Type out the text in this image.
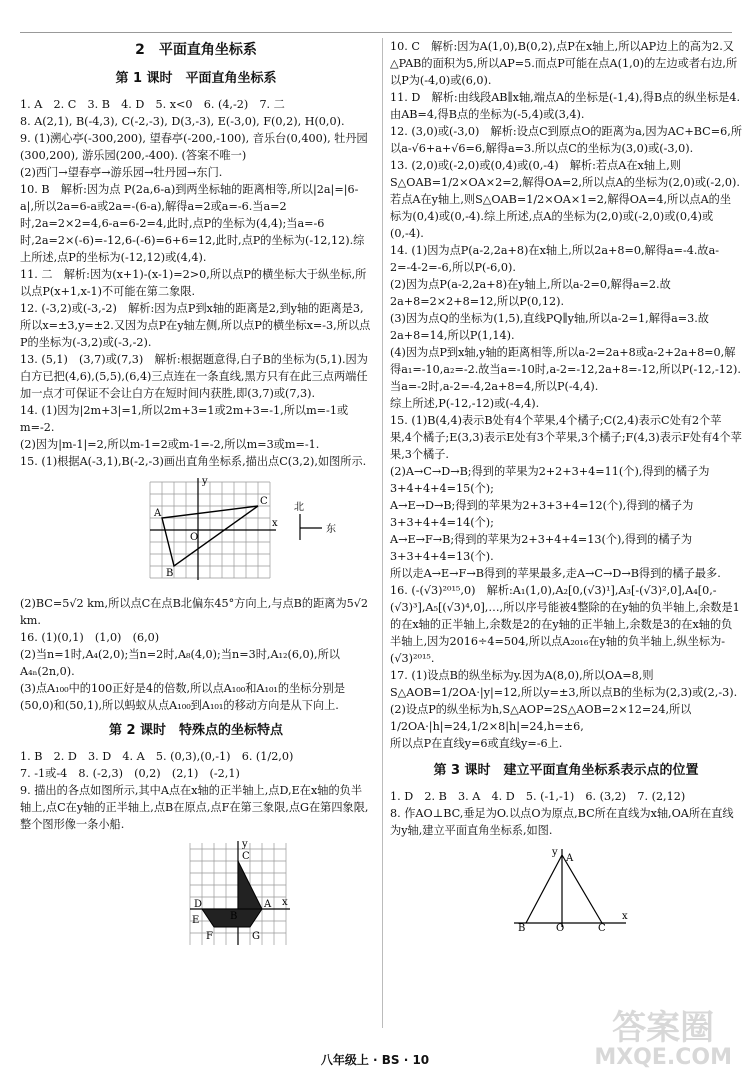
2　平面直角坐标系
第 1 课时　平面直角坐标系

1. A　2. C　3. B　4. D　5. x<0　6. (4,-2)　7. 二

8. A(2,1), B(-4,3), C(-2,-3), D(3,-3), E(-3,0), F(0,2), H(0,0).

9. (1)溯心亭(-300,200), 望春亭(-200,-100), 音乐台(0,400), 牡丹园(300,200), 游乐园(200,-400). (答案不唯一)

(2)西门→望春亭→游乐园→牡丹园→东门.

10. B　解析:因为点 P(2a,6-a)到两坐标轴的距离相等,所以|2a|=|6-a|,所以2a=6-a或2a=-(6-a),解得a=2或a=-6.当a=2时,2a=2×2=4,6-a=6-2=4,此时,点P的坐标为(4,4);当a=-6时,2a=2×(-6)=-12,6-(-6)=6+6=12,此时,点P的坐标为(-12,12).综上所述,点P的坐标为(-12,12)或(4,4).

11. 二　解析:因为(x+1)-(x-1)=2>0,所以点P的横坐标大于纵坐标,所以点P(x+1,x-1)不可能在第二象限.

12. (-3,2)或(-3,-2)　解析:因为点P到x轴的距离是2,到y轴的距离是3,所以x=±3,y=±2.又因为点P在y轴左侧,所以点P的横坐标x=-3,所以点P的坐标为(-3,2)或(-3,-2).

13. (5,1)　(3,7)或(7,3)　解析:根据题意得,白子B的坐标为(5,1).因为白方已把(4,6),(5,5),(6,4)三点连在一条直线,黑方只有在此三点两端任加一点才可保证不会让白方在短时间内获胜,即(3,7)或(7,3).

14. (1)因为|2m+3|=1,所以2m+3=1或2m+3=-1,所以m=-1或m=-2.

(2)因为|m-1|=2,所以m-1=2或m-1=-2,所以m=3或m=-1.

15. (1)根据A(-3,1),B(-2,-3)画出直角坐标系,描出点C(3,2),如图所示.

A
B
C
O
x
y
北
东

(2)BC=5√2 km,所以点C在点B北偏东45°方向上,与点B的距离为5√2 km.

16. (1)(0,1)　(1,0)　(6,0)

(2)当n=1时,A₄(2,0);当n=2时,A₈(4,0);当n=3时,A₁₂(6,0),所以A₄ₙ(2n,0).

(3)点A₁₀₀中的100正好是4的倍数,所以点A₁₀₀和A₁₀₁的坐标分别是(50,0)和(50,1),所以蚂蚁从点A₁₀₀到A₁₀₁的移动方向是从下向上.

第 2 课时　特殊点的坐标特点

1. B　2. D　3. D　4. A　5. (0,3),(0,-1)　6. (1/2,0)

7. -1或-4　8. (-2,3)　(0,2)　(2,1)　(-2,1)

9. 描出的各点如图所示,其中A点在x轴的正半轴上,点D,E在x轴的负半轴上,点C在y轴的正半轴上,点B在原点,点F在第三象限,点G在第四象限,整个图形像一条小船.

C
A
B
D
E
F	G
x
y

10. C　解析:因为A(1,0),B(0,2),点P在x轴上,所以AP边上的高为2.又△PAB的面积为5,所以AP=5.而点P可能在点A(1,0)的左边或者右边,所以P为(-4,0)或(6,0).

11. D　解析:由线段AB∥x轴,端点A的坐标是(-1,4),得B点的纵坐标是4.由AB=4,得B点的坐标为(-5,4)或(3,4).

12. (3,0)或(-3,0)　解析:设点C到原点O的距离为a,因为AC+BC=6,所以a-√6+a+√6=6,解得a=3.所以点C的坐标为(3,0)或(-3,0).

13. (2,0)或(-2,0)或(0,4)或(0,-4)　解析:若点A在x轴上,则S△OAB=1/2×OA×2=2,解得OA=2,所以点A的坐标为(2,0)或(-2,0).若点A在y轴上,则S△OAB=1/2×OA×1=2,解得OA=4,所以点A的坐标为(0,4)或(0,-4).综上所述,点A的坐标为(2,0)或(-2,0)或(0,4)或(0,-4).

14. (1)因为点P(a-2,2a+8)在x轴上,所以2a+8=0,解得a=-4.故a-2=-4-2=-6,所以P(-6,0).

(2)因为点P(a-2,2a+8)在y轴上,所以a-2=0,解得a=2.故2a+8=2×2+8=12,所以P(0,12).

(3)因为点Q的坐标为(1,5),直线PQ∥y轴,所以a-2=1,解得a=3.故2a+8=14,所以P(1,14).

(4)因为点P到x轴,y轴的距离相等,所以a-2=2a+8或a-2+2a+8=0,解得a₁=-10,a₂=-2.故当a=-10时,a-2=-12,2a+8=-12,所以P(-12,-12).

当a=-2时,a-2=-4,2a+8=4,所以P(-4,4).

综上所述,P(-12,-12)或(-4,4).

15. (1)B(4,4)表示B处有4个苹果,4个橘子;C(2,4)表示C处有2个苹果,4个橘子;E(3,3)表示E处有3个苹果,3个橘子;F(4,3)表示F处有4个苹果,3个橘子.

(2)A→C→D→B;得到的苹果为2+2+3+4=11(个),得到的橘子为3+4+4+4=15(个);

A→E→D→B;得到的苹果为2+3+3+4=12(个),得到的橘子为3+3+4+4=14(个);

A→E→F→B;得到的苹果为2+3+4+4=13(个),得到的橘子为3+3+4+4=13(个).

所以走A→E→F→B得到的苹果最多,走A→C→D→B得到的橘子最多.

16. (-(√3)²⁰¹⁵,0)　解析:A₁(1,0),A₂[0,(√3)¹],A₃[-(√3)²,0],A₄[0,-(√3)³],A₅[(√3)⁴,0],…,所以序号能被4整除的在y轴的负半轴上,余数是1的在x轴的正半轴上,余数是2的在y轴的正半轴上,余数是3的在x轴的负半轴上,因为2016÷4=504,所以点A₂₀₁₆在y轴的负半轴上,纵坐标为-(√3)²⁰¹⁵.

17. (1)设点B的纵坐标为y.因为A(8,0),所以OA=8,则S△AOB=1/2OA·|y|=12,所以y=±3,所以点B的坐标为(2,3)或(2,-3).

(2)设点P的纵坐标为h,S△AOP=2S△AOB=2×12=24,所以1/2OA·|h|=24,1/2×8|h|=24,h=±6,

所以点P在直线y=6或直线y=-6上.

第 3 课时　建立平面直角坐标系表示点的位置

1. D　2. B　3. A　4. D　5. (-1,-1)　6. (3,2)　7. (2,12)

8. 作AO⊥BC,垂足为O.以点O为原点,BC所在直线为x轴,OA所在直线为y轴,建立平面直角坐标系,如图.

A
B	O	C
x
y
八年级上 · BS · 10
答案圈
MXQE.COM
